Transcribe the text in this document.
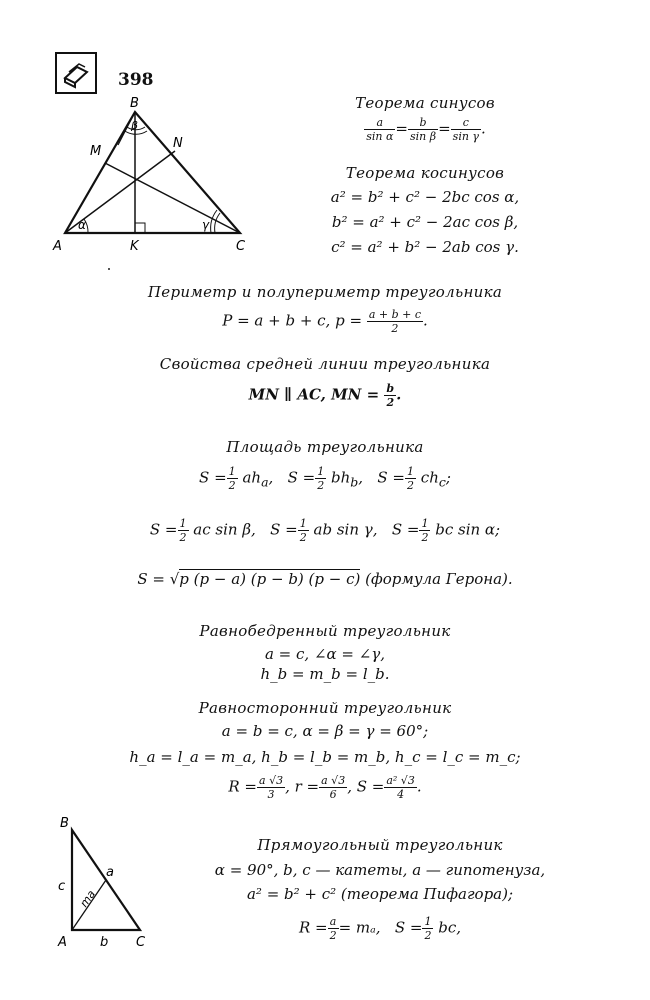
398
B
M
N
A	K	C
α
β
γ
Теорема синусов
$\frac{a}{\text{sin α}} = \frac{b}{\text{sin β}} = \frac{c}{\text{sin γ}}$ .
Теорема косинусов
a² = b² + c² − 2bc cos α,
b² = a² + c² − 2ac cos β,
c² = a² + b² − 2ab cos γ.
Периметр и полупериметр треугольника
P = a + b + c, $p = \frac{a + b + c}{2}$ .
Свойства средней линии треугольника
MN ∥ AC, MN = $\frac{b}{2}$ .
Площадь треугольника
$S = \frac{1}{2} ah_a$, $S = \frac{1}{2} bh_b$, $S = \frac{1}{2} ch_c$;
$S = \frac{1}{2}$ ac sin β, $S = \frac{1}{2}$ ab sin γ, $S = \frac{1}{2}$ bc sin α;
S = √p (p − a) (p − b) (p − c) (формула Герона).
Равнобедренный треугольник
a = c, ∠α = ∠γ,
h_b = m_b = l_b.
Равносторонний треугольник
a = b = c, α = β = γ = 60°;
h_a = l_a = m_a, h_b = l_b = m_b, h_c = l_c = m_c;
$R = \frac{a √3}{3}$ , $r = \frac{a √3}{6}$ , $S = \frac{\text{a² √3}}{4}$ .
B
c
ma
a
A	b C
Прямоугольный треугольник
α = 90°, b, c — катеты, a — гипотенуза,
a² = b² + c² (теорема Пифагора);
$R = \frac{a}{2} = m_a$, $S = \frac{1}{2}$ bc,
